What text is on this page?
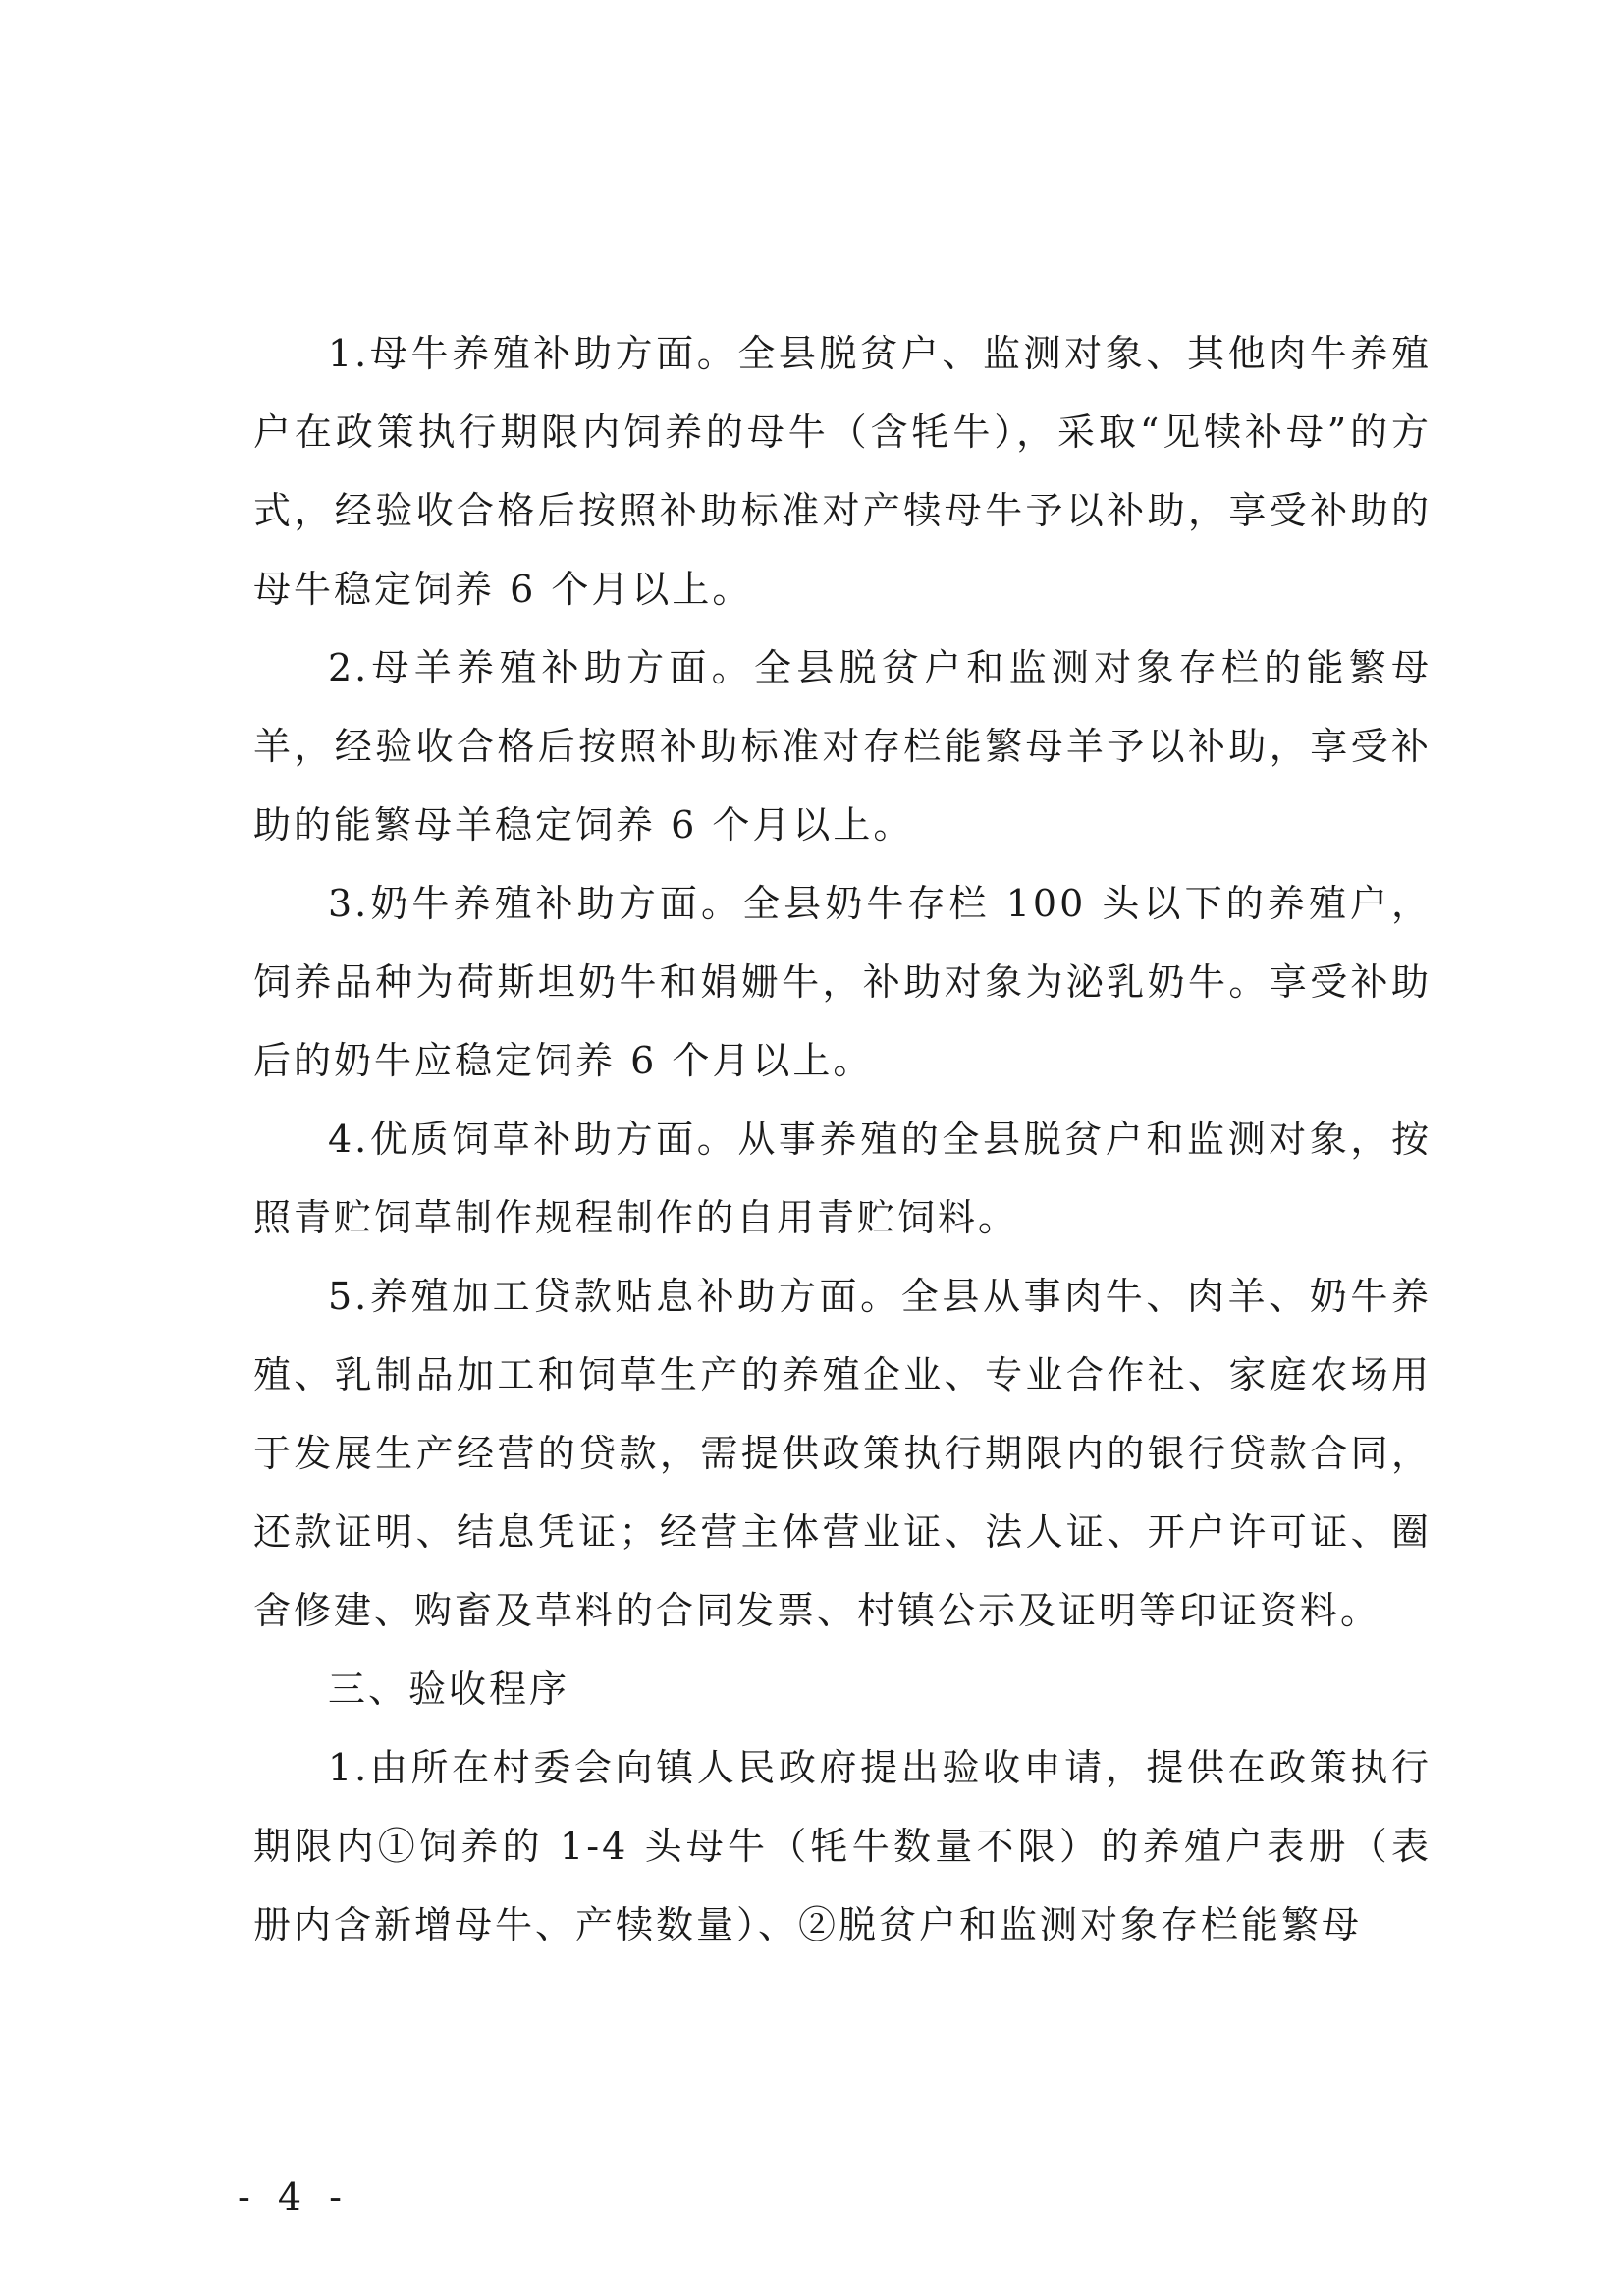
1.母牛养殖补助方面。全县脱贫户、监测对象、其他肉牛养殖户在政策执行期限内饲养的母牛（含牦牛），采取“见犊补母”的方式，经验收合格后按照补助标准对产犊母牛予以补助，享受补助的母牛稳定饲养 6 个月以上。

2.母羊养殖补助方面。全县脱贫户和监测对象存栏的能繁母羊，经验收合格后按照补助标准对存栏能繁母羊予以补助，享受补助的能繁母羊稳定饲养 6 个月以上。

3.奶牛养殖补助方面。全县奶牛存栏 100 头以下的养殖户，饲养品种为荷斯坦奶牛和娟姗牛，补助对象为泌乳奶牛。享受补助后的奶牛应稳定饲养 6 个月以上。

4.优质饲草补助方面。从事养殖的全县脱贫户和监测对象，按照青贮饲草制作规程制作的自用青贮饲料。

5.养殖加工贷款贴息补助方面。全县从事肉牛、肉羊、奶牛养殖、乳制品加工和饲草生产的养殖企业、专业合作社、家庭农场用于发展生产经营的贷款，需提供政策执行期限内的银行贷款合同，还款证明、结息凭证；经营主体营业证、法人证、开户许可证、圈舍修建、购畜及草料的合同发票、村镇公示及证明等印证资料。

三、验收程序

1.由所在村委会向镇人民政府提出验收申请，提供在政策执行期限内①饲养的 1-4 头母牛（牦牛数量不限）的养殖户表册（表册内含新增母牛、产犊数量）、②脱贫户和监测对象存栏能繁母

- 4 -
